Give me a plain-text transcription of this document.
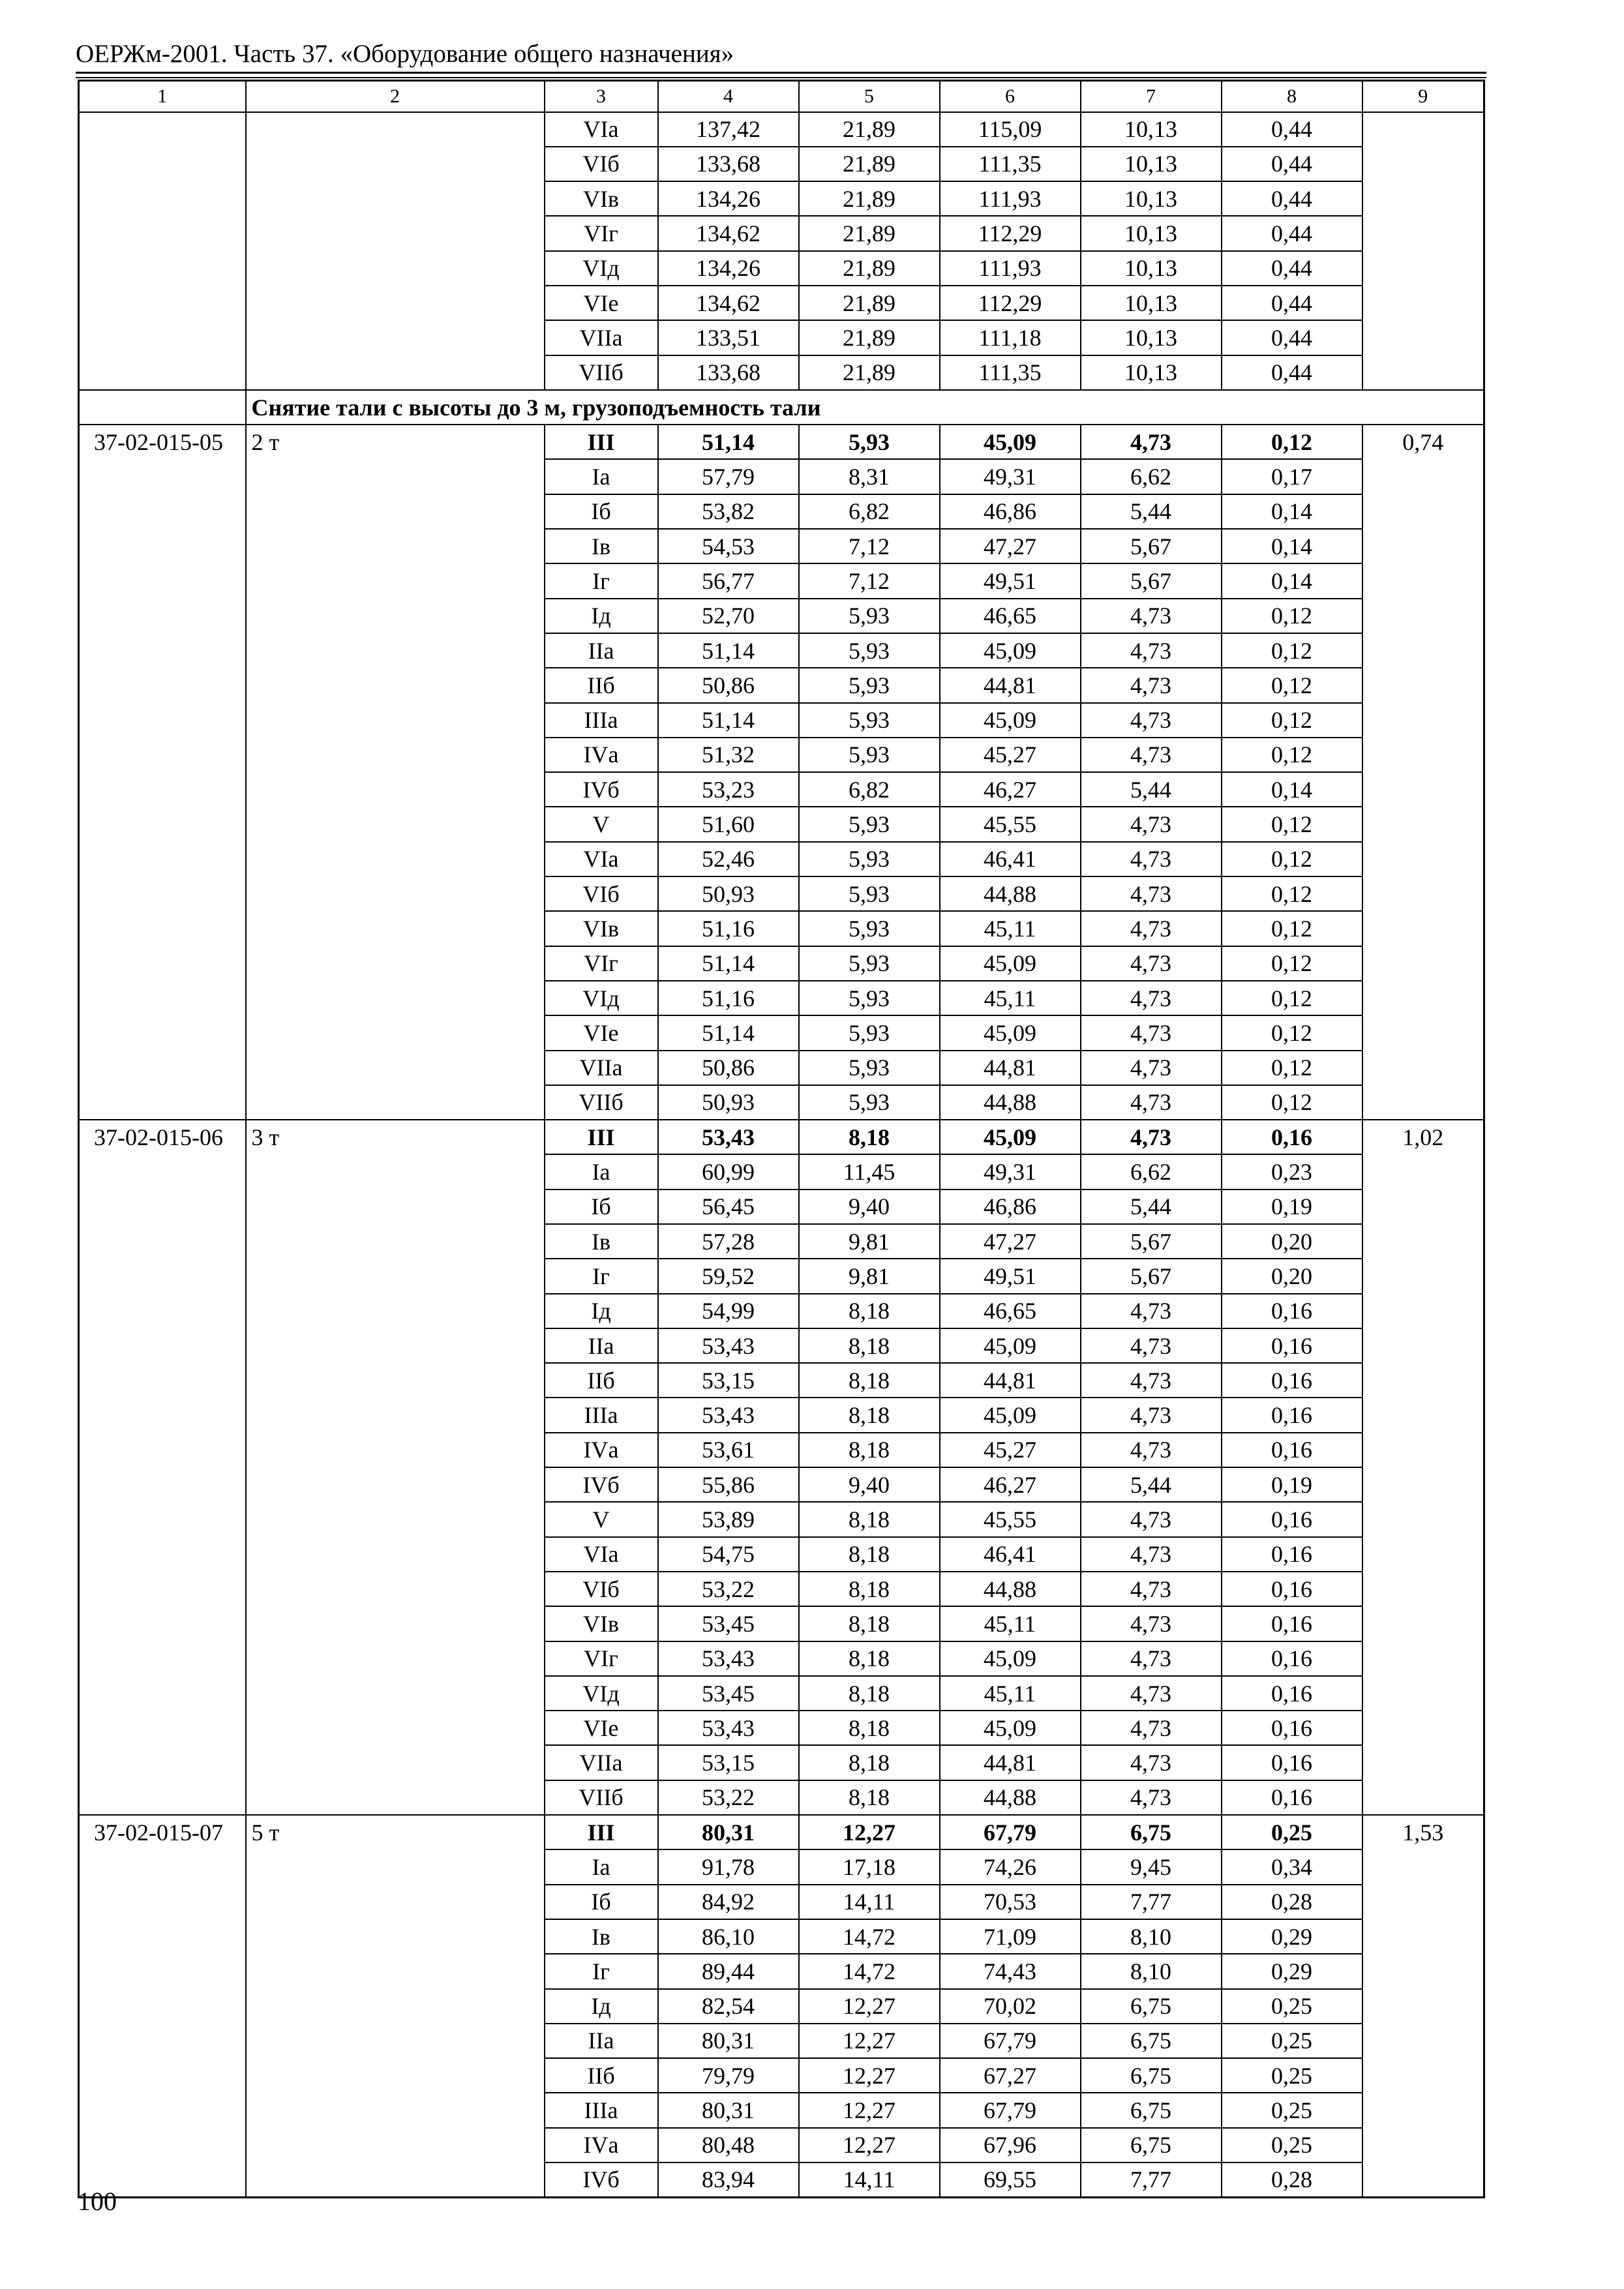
ОЕРЖм-2001. Часть 37. «Оборудование общего назначения»
1	2	3	4	5	6	7	8	9
		VIа	137,42	21,89	115,09	10,13	0,44	
		VIб	133,68	21,89	111,35	10,13	0,44	
		VIв	134,26	21,89	111,93	10,13	0,44	
		VIг	134,62	21,89	112,29	10,13	0,44	
		VIд	134,26	21,89	111,93	10,13	0,44	
		VIе	134,62	21,89	112,29	10,13	0,44	
		VIIа	133,51	21,89	111,18	10,13	0,44	
		VIIб	133,68	21,89	111,35	10,13	0,44	
	Снятие тали с высоты до 3 м, грузоподъемность тали							
37-02-015-05	2 т	III	51,14	5,93	45,09	4,73	0,12	0,74
		Iа	57,79	8,31	49,31	6,62	0,17	
		Iб	53,82	6,82	46,86	5,44	0,14	
		Iв	54,53	7,12	47,27	5,67	0,14	
		Iг	56,77	7,12	49,51	5,67	0,14	
		Iд	52,70	5,93	46,65	4,73	0,12	
		IIа	51,14	5,93	45,09	4,73	0,12	
		IIб	50,86	5,93	44,81	4,73	0,12	
		IIIа	51,14	5,93	45,09	4,73	0,12	
		IVа	51,32	5,93	45,27	4,73	0,12	
		IVб	53,23	6,82	46,27	5,44	0,14	
		V	51,60	5,93	45,55	4,73	0,12	
		VIа	52,46	5,93	46,41	4,73	0,12	
		VIб	50,93	5,93	44,88	4,73	0,12	
		VIв	51,16	5,93	45,11	4,73	0,12	
		VIг	51,14	5,93	45,09	4,73	0,12	
		VIд	51,16	5,93	45,11	4,73	0,12	
		VIе	51,14	5,93	45,09	4,73	0,12	
		VIIа	50,86	5,93	44,81	4,73	0,12	
		VIIб	50,93	5,93	44,88	4,73	0,12	
37-02-015-06	3 т	III	53,43	8,18	45,09	4,73	0,16	1,02
		Iа	60,99	11,45	49,31	6,62	0,23	
		Iб	56,45	9,40	46,86	5,44	0,19	
		Iв	57,28	9,81	47,27	5,67	0,20	
		Iг	59,52	9,81	49,51	5,67	0,20	
		Iд	54,99	8,18	46,65	4,73	0,16	
		IIа	53,43	8,18	45,09	4,73	0,16	
		IIб	53,15	8,18	44,81	4,73	0,16	
		IIIа	53,43	8,18	45,09	4,73	0,16	
		IVа	53,61	8,18	45,27	4,73	0,16	
		IVб	55,86	9,40	46,27	5,44	0,19	
		V	53,89	8,18	45,55	4,73	0,16	
		VIа	54,75	8,18	46,41	4,73	0,16	
		VIб	53,22	8,18	44,88	4,73	0,16	
		VIв	53,45	8,18	45,11	4,73	0,16	
		VIг	53,43	8,18	45,09	4,73	0,16	
		VIд	53,45	8,18	45,11	4,73	0,16	
		VIе	53,43	8,18	45,09	4,73	0,16	
		VIIа	53,15	8,18	44,81	4,73	0,16	
		VIIб	53,22	8,18	44,88	4,73	0,16	
37-02-015-07	5 т	III	80,31	12,27	67,79	6,75	0,25	1,53
		Iа	91,78	17,18	74,26	9,45	0,34	
		Iб	84,92	14,11	70,53	7,77	0,28	
		Iв	86,10	14,72	71,09	8,10	0,29	
		Iг	89,44	14,72	74,43	8,10	0,29	
		Iд	82,54	12,27	70,02	6,75	0,25	
		IIа	80,31	12,27	67,79	6,75	0,25	
		IIб	79,79	12,27	67,27	6,75	0,25	
		IIIа	80,31	12,27	67,79	6,75	0,25	
		IVа	80,48	12,27	67,96	6,75	0,25	
		IVб	83,94	14,11	69,55	7,77	0,28	
100
